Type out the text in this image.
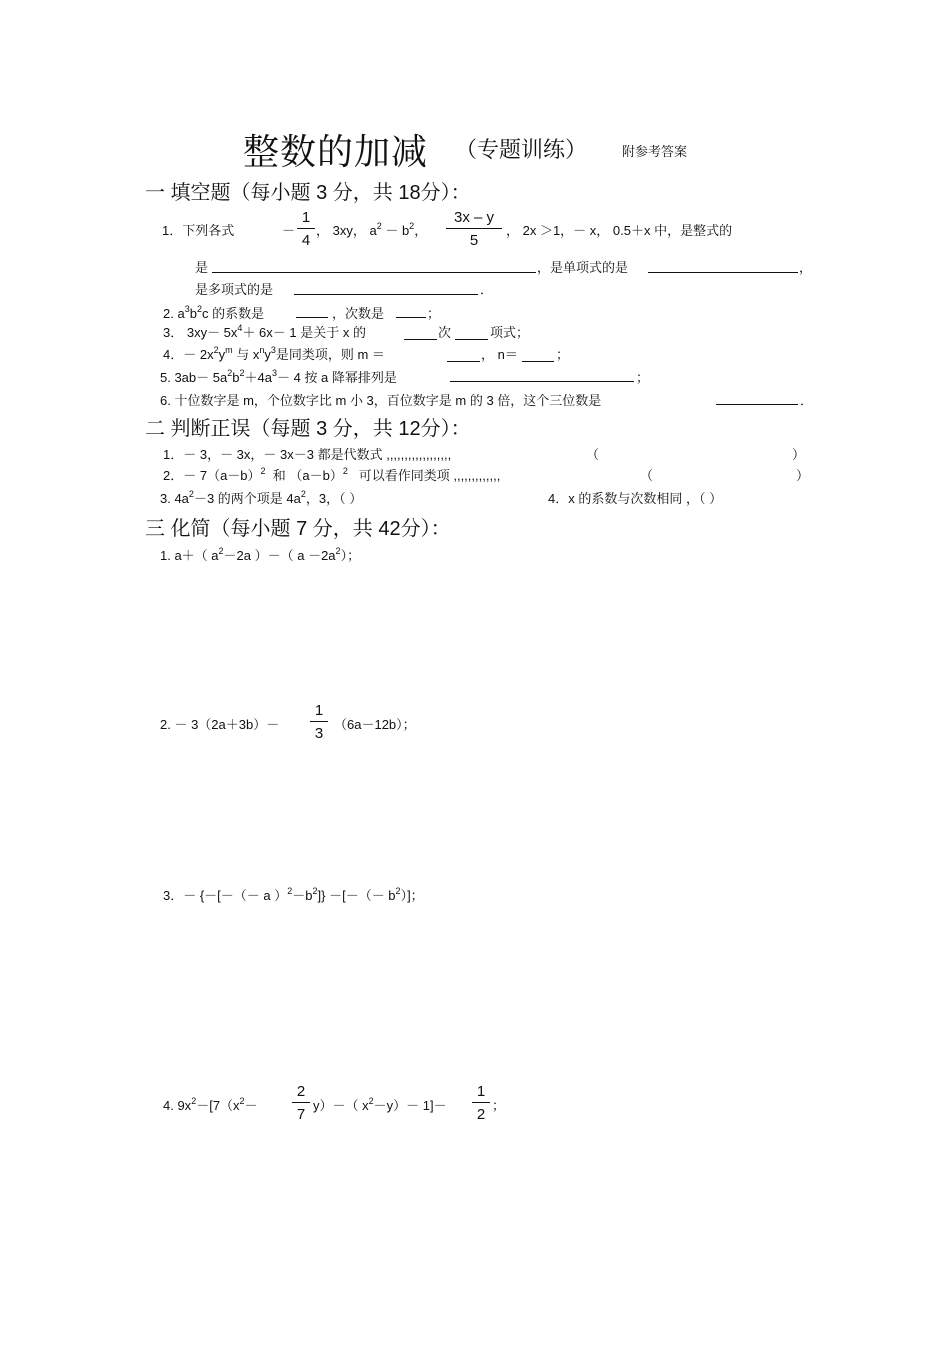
整数的加减 （专题训练）	附参考答案
一 填空题（每小题 3 分，共 18分）：
1．下列各式	－ $\frac{1}{4}$ ， 3xy， $a^2 - b^2$， $\frac{3x - y}{5}$ ， 2x ＞1，－ x， 0.5＋x 中，是整式的
是	，是单项式的是	，
是多项式的是	．
2. $a^3b^2c$ 的系数是	，次数是	；
3． $3xy- 5x^4+ 6x- 1$ 是关于 x 的	次	项式；
4．－ $2x^2y^m$ 与 $x^ny^3$是同类项，则 m ＝	， n＝	；
5. $3ab- 5a^2b^2+4a^3- 4$ 按 a 降幂排列是	；
6. 十位数字是 m，个位数字比 m 小 3，百位数字是 m 的 3 倍，这个三位数是	．
二 判断正误（每题 3 分，共 12分）：
1．－ 3，－ 3x，－ 3x－3 都是代数式 ,,,,,,,,,,,,,,,,,,	（	）
2．－ $7(a-b)^2$ 和 $(a-b)^2$ 可以看作同类项 ,,,,,,,,,,,,,	（	）
3. $4a^2-3$ 的两个项是 $4a^2$，3，（ ）	4．x 的系数与次数相同 ，（ ）
三 化简（每小题 7 分，共 42分）：
1. a＋（ $a^2-2a$ ）－（ $a -2a^2$）；
2. － $3(2a+3b)- \frac{1}{3} (6a-12b)$；
3．－ {－[－（－ a ）$^2-b^2$]} －[－（－ $b^2$）]；
4. $9x^2-[7(x^2- \frac{2}{7} y)-$（ $x^2-y)- 1]- \frac{1}{2}$ ；
